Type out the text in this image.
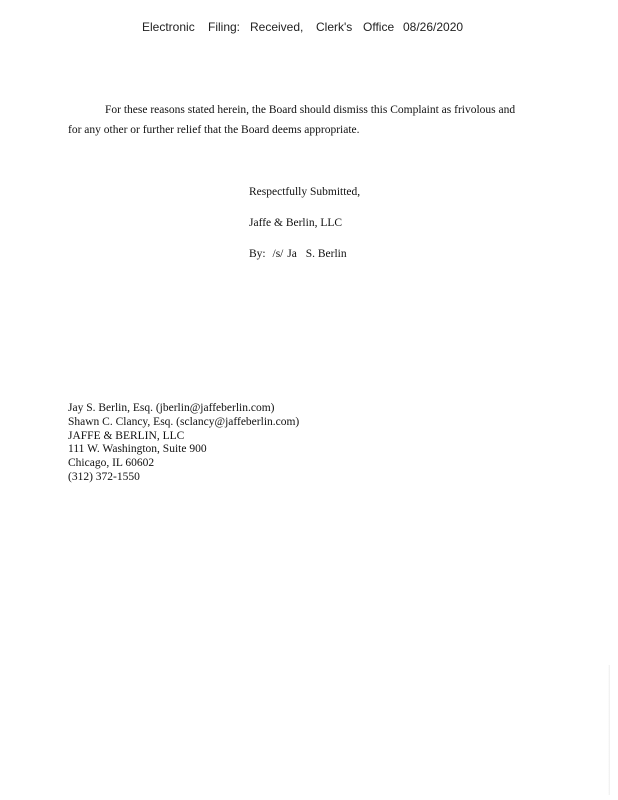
Electronic Filing: Received, Clerk's Office 08/26/2020
For these reasons stated herein, the Board should dismiss this Complaint as frivolous and
for any other or further relief that the Board deems appropriate.
Respectfully Submitted,
Jaffe & Berlin, LLC
By: /s/ Ja S. Berlin
Jay S. Berlin, Esq. (jberlin@jaffeberlin.com)
Shawn C. Clancy, Esq. (sclancy@jaffeberlin.com)
JAFFE & BERLIN, LLC
111 W. Washington, Suite 900
Chicago, IL 60602
(312) 372-1550
